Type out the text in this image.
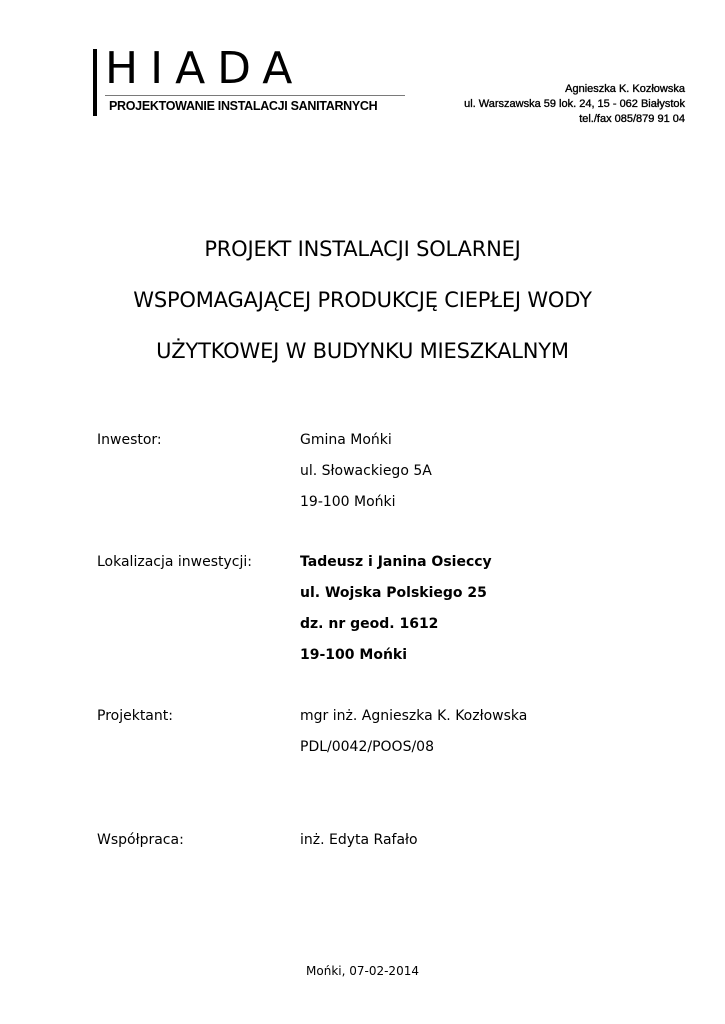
HIADA
PROJEKTOWANIE INSTALACJI SANITARNYCH
Agnieszka K. Kozłowska
ul. Warszawska 59 lok. 24, 15 - 062 Białystok
tel./fax 085/879 91 04
PROJEKT INSTALACJI SOLARNEJ
WSPOMAGAJĄCEJ PRODUKCJĘ CIEPŁEJ WODY
UŻYTKOWEJ W BUDYNKU MIESZKALNYM
Inwestor:	Gmina Mońki
ul. Słowackiego 5A
19-100 Mońki
Lokalizacja inwestycji:	Tadeusz i Janina Osieccy
ul. Wojska Polskiego 25
dz. nr geod. 1612
19-100 Mońki
Projektant:	mgr inż. Agnieszka K. Kozłowska
PDL/0042/POOS/08
Współpraca:	inż. Edyta Rafało
Mońki, 07-02-2014
